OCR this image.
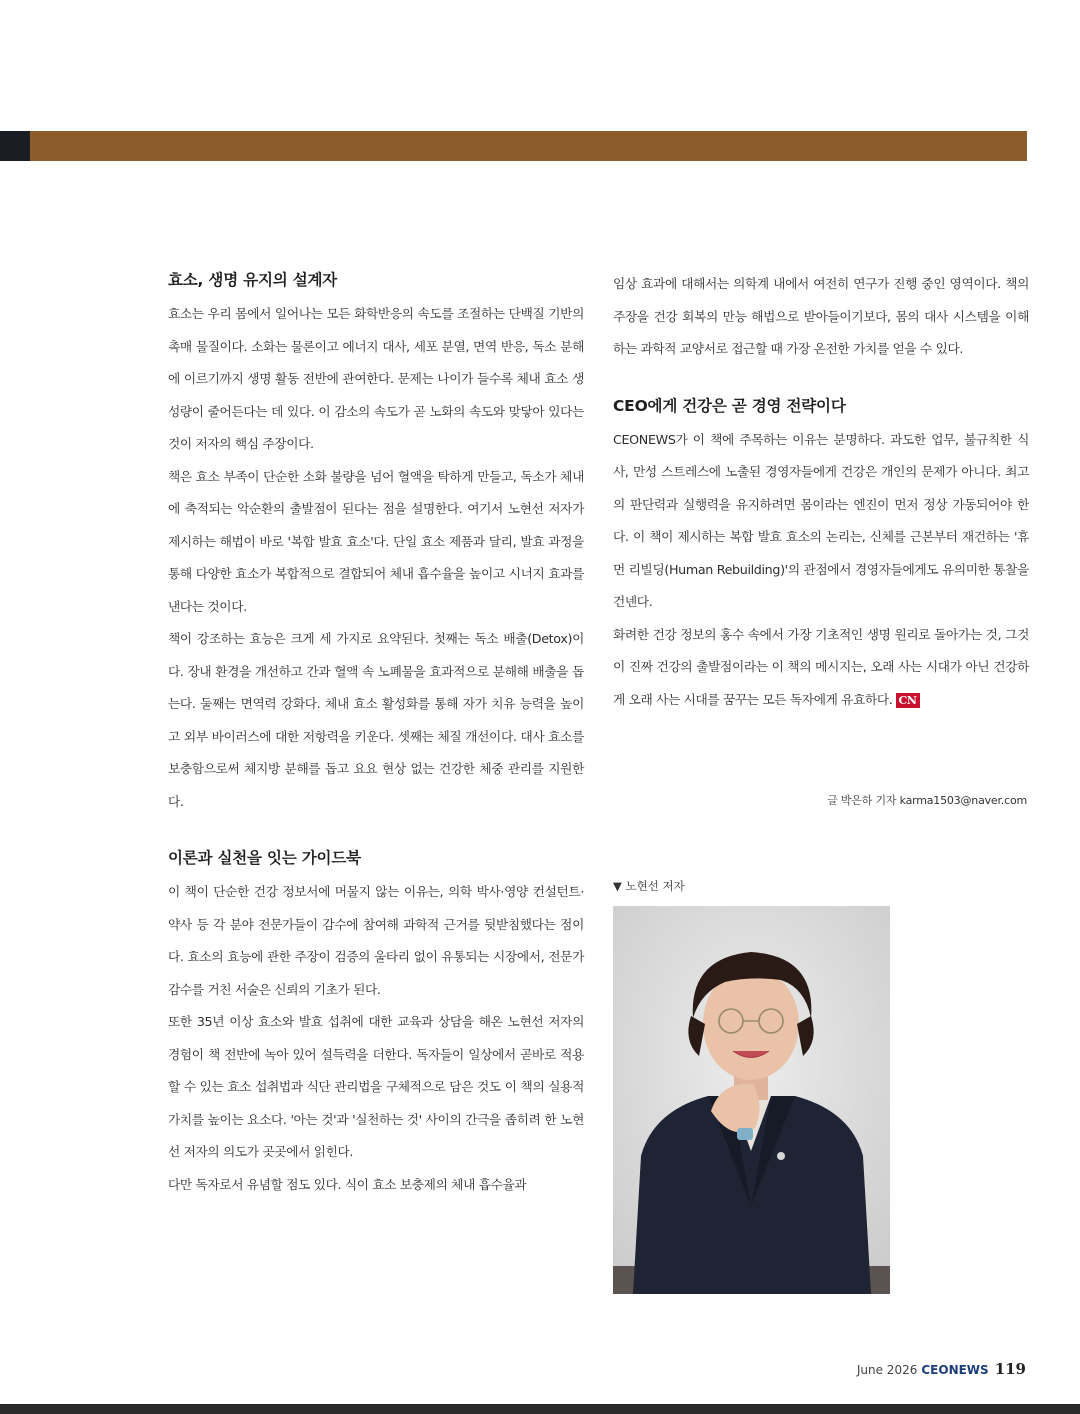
효소, 생명 유지의 설계자

효소는 우리 몸에서 일어나는 모든 화학반응의 속도를 조절하는 단백질 기반의 촉매 물질이다. 소화는 물론이고 에너지 대사, 세포 분열, 면역 반응, 독소 분해에 이르기까지 생명 활동 전반에 관여한다. 문제는 나이가 들수록 체내 효소 생성량이 줄어든다는 데 있다. 이 감소의 속도가 곧 노화의 속도와 맞닿아 있다는 것이 저자의 핵심 주장이다.

책은 효소 부족이 단순한 소화 불량을 넘어 혈액을 탁하게 만들고, 독소가 체내에 축적되는 악순환의 출발점이 된다는 점을 설명한다. 여기서 노현선 저자가 제시하는 해법이 바로 '복합 발효 효소'다. 단일 효소 제품과 달리, 발효 과정을 통해 다양한 효소가 복합적으로 결합되어 체내 흡수율을 높이고 시너지 효과를 낸다는 것이다.

책이 강조하는 효능은 크게 세 가지로 요약된다. 첫째는 독소 배출(Detox)이다. 장내 환경을 개선하고 간과 혈액 속 노폐물을 효과적으로 분해해 배출을 돕는다. 둘째는 면역력 강화다. 체내 효소 활성화를 통해 자가 치유 능력을 높이고 외부 바이러스에 대한 저항력을 키운다. 셋째는 체질 개선이다. 대사 효소를 보충함으로써 체지방 분해를 돕고 요요 현상 없는 건강한 체중 관리를 지원한다.

이론과 실천을 잇는 가이드북

이 책이 단순한 건강 정보서에 머물지 않는 이유는, 의학 박사·영양 컨설턴트·약사 등 각 분야 전문가들이 감수에 참여해 과학적 근거를 뒷받침했다는 점이다. 효소의 효능에 관한 주장이 검증의 울타리 없이 유통되는 시장에서, 전문가 감수를 거친 서술은 신뢰의 기초가 된다.

또한 35년 이상 효소와 발효 섭취에 대한 교육과 상담을 해온 노현선 저자의 경험이 책 전반에 녹아 있어 설득력을 더한다. 독자들이 일상에서 곧바로 적용할 수 있는 효소 섭취법과 식단 관리법을 구체적으로 담은 것도 이 책의 실용적 가치를 높이는 요소다. '아는 것'과 '실천하는 것' 사이의 간극을 좁히려 한 노현선 저자의 의도가 곳곳에서 읽힌다.

다만 독자로서 유념할 점도 있다. 식이 효소 보충제의 체내 흡수율과

임상 효과에 대해서는 의학계 내에서 여전히 연구가 진행 중인 영역이다. 책의 주장을 건강 회복의 만능 해법으로 받아들이기보다, 몸의 대사 시스템을 이해하는 과학적 교양서로 접근할 때 가장 온전한 가치를 얻을 수 있다.

CEO에게 건강은 곧 경영 전략이다

CEONEWS가 이 책에 주목하는 이유는 분명하다. 과도한 업무, 불규칙한 식사, 만성 스트레스에 노출된 경영자들에게 건강은 개인의 문제가 아니다. 최고의 판단력과 실행력을 유지하려면 몸이라는 엔진이 먼저 정상 가동되어야 한다. 이 책이 제시하는 복합 발효 효소의 논리는, 신체를 근본부터 재건하는 '휴먼 리빌딩(Human Rebuilding)'의 관점에서 경영자들에게도 유의미한 통찰을 건넨다.

화려한 건강 정보의 홍수 속에서 가장 기초적인 생명 원리로 돌아가는 것, 그것이 진짜 건강의 출발점이라는 이 책의 메시지는, 오래 사는 시대가 아닌 건강하게 오래 사는 시대를 꿈꾸는 모든 독자에게 유효하다. CN

글 박은하 기자 karma1503@naver.com
▼ 노현선 저자
June 2026 CEONEWS 119
